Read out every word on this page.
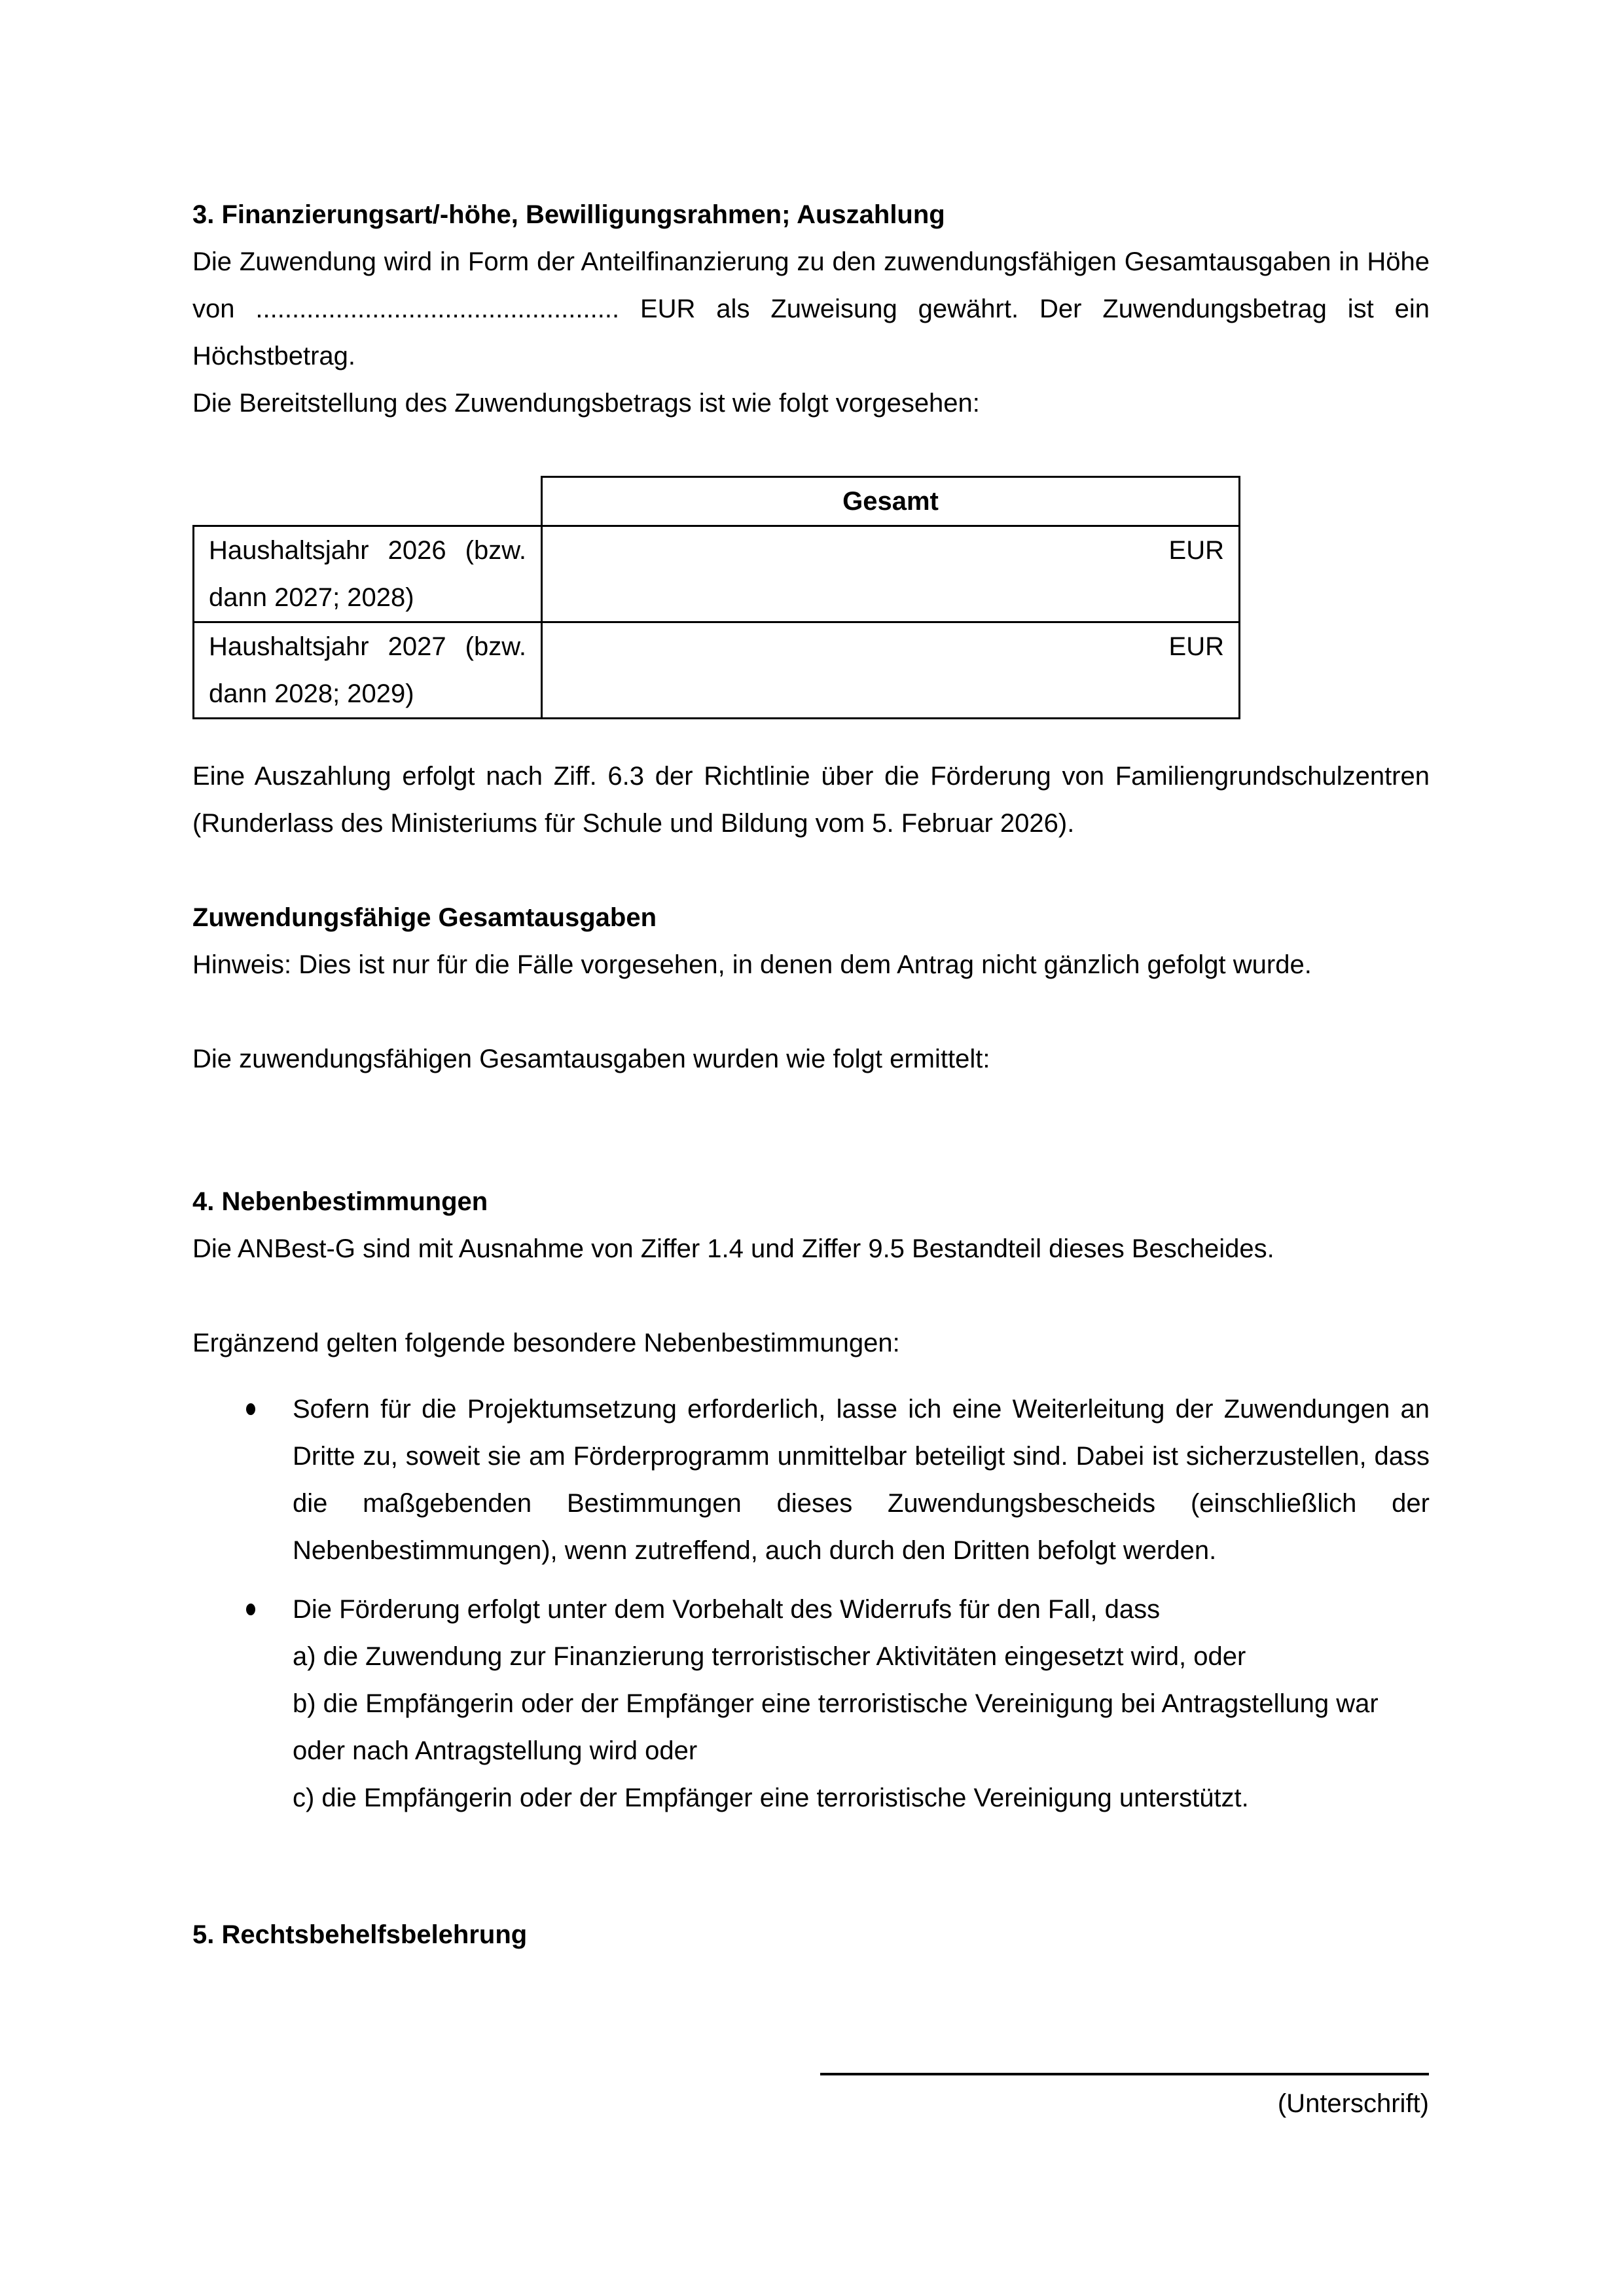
3. Finanzierungsart/-höhe, Bewilligungsrahmen; Auszahlung

Die Zuwendung wird in Form der Anteilfinanzierung zu den zuwendungsfähigen Gesamtausgaben in Höhe von .................................................. EUR als Zuweisung gewährt. Der Zuwendungsbetrag ist ein Höchstbetrag.

Die Bereitstellung des Zuwendungsbetrags ist wie folgt vorgesehen:

	Gesamt
Haushaltsjahr 2026 (bzw. dann 2027; 2028)	EUR
Haushaltsjahr 2027 (bzw. dann 2028; 2029)	EUR

Eine Auszahlung erfolgt nach Ziff. 6.3 der Richtlinie über die Förderung von Familiengrundschulzentren (Runderlass des Ministeriums für Schule und Bildung vom 5. Februar 2026).

Zuwendungsfähige Gesamtausgaben

Hinweis: Dies ist nur für die Fälle vorgesehen, in denen dem Antrag nicht gänzlich gefolgt wurde.

Die zuwendungsfähigen Gesamtausgaben wurden wie folgt ermittelt:

4. Nebenbestimmungen

Die ANBest-G sind mit Ausnahme von Ziffer 1.4 und Ziffer 9.5 Bestandteil dieses Bescheides.

Ergänzend gelten folgende besondere Nebenbestimmungen:

Sofern für die Projektumsetzung erforderlich, lasse ich eine Weiterleitung der Zuwendungen an Dritte zu, soweit sie am Förderprogramm unmittelbar beteiligt sind. Dabei ist sicherzustellen, dass die maßgebenden Bestimmungen dieses Zuwendungsbescheids (einschließlich der Nebenbestimmungen), wenn zutreffend, auch durch den Dritten befolgt werden.

Die Förderung erfolgt unter dem Vorbehalt des Widerrufs für den Fall, dass

a) die Zuwendung zur Finanzierung terroristischer Aktivitäten eingesetzt wird, oder

b) die Empfängerin oder der Empfänger eine terroristische Vereinigung bei Antragstellung war oder nach Antragstellung wird oder

c) die Empfängerin oder der Empfänger eine terroristische Vereinigung unterstützt.

5. Rechtsbehelfsbelehrung

(Unterschrift)
